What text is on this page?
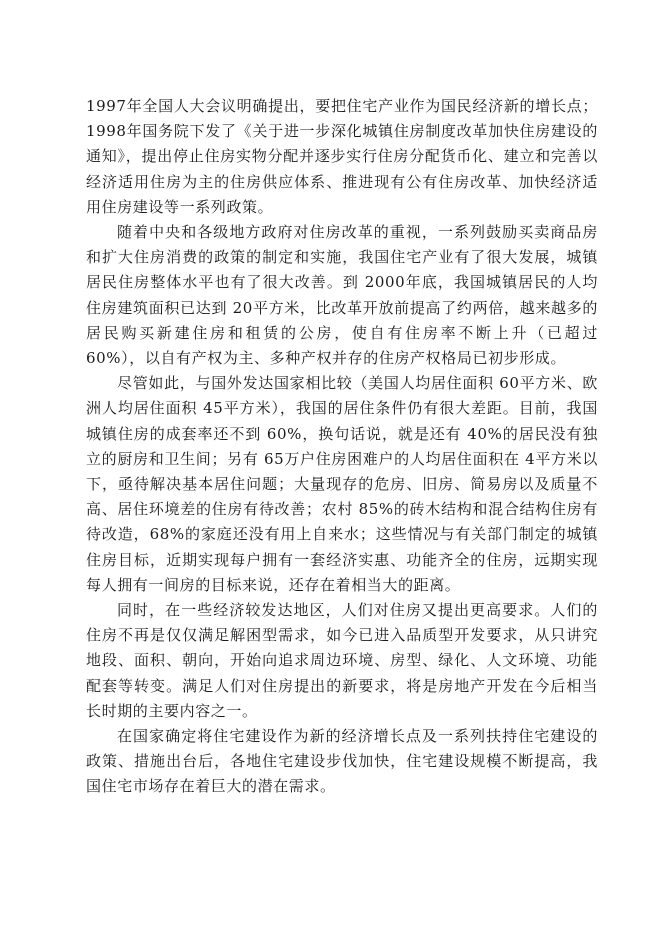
1997年全国人大会议明确提出，要把住宅产业作为国民经济新的增长点；1998年国务院下发了《关于进一步深化城镇住房制度改革加快住房建设的通知》，提出停止住房实物分配并逐步实行住房分配货币化、建立和完善以经济适用住房为主的住房供应体系、推进现有公有住房改革、加快经济适用住房建设等一系列政策。

随着中央和各级地方政府对住房改革的重视，一系列鼓励买卖商品房和扩大住房消费的政策的制定和实施，我国住宅产业有了很大发展，城镇居民住房整体水平也有了很大改善。到 2000年底，我国城镇居民的人均住房建筑面积已达到 20平方米，比改革开放前提高了约两倍，越来越多的居民购买新建住房和租赁的公房，使自有住房率不断上升（已超过 60%），以自有产权为主、多种产权并存的住房产权格局已初步形成。

尽管如此，与国外发达国家相比较（美国人均居住面积 60平方米、欧洲人均居住面积 45平方米），我国的居住条件仍有很大差距。目前，我国城镇住房的成套率还不到 60%，换句话说，就是还有 40%的居民没有独立的厨房和卫生间；另有 65万户住房困难户的人均居住面积在 4平方米以下，亟待解决基本居住问题；大量现存的危房、旧房、简易房以及质量不高、居住环境差的住房有待改善；农村 85%的砖木结构和混合结构住房有待改造，68%的家庭还没有用上自来水；这些情况与有关部门制定的城镇住房目标，近期实现每户拥有一套经济实惠、功能齐全的住房，远期实现每人拥有一间房的目标来说，还存在着相当大的距离。

同时，在一些经济较发达地区，人们对住房又提出更高要求。人们的住房不再是仅仅满足解困型需求，如今已进入品质型开发要求，从只讲究地段、面积、朝向，开始向追求周边环境、房型、绿化、人文环境、功能配套等转变。满足人们对住房提出的新要求，将是房地产开发在今后相当长时期的主要内容之一。

在国家确定将住宅建设作为新的经济增长点及一系列扶持住宅建设的政策、措施出台后，各地住宅建设步伐加快，住宅建设规模不断提高，我国住宅市场存在着巨大的潜在需求。
